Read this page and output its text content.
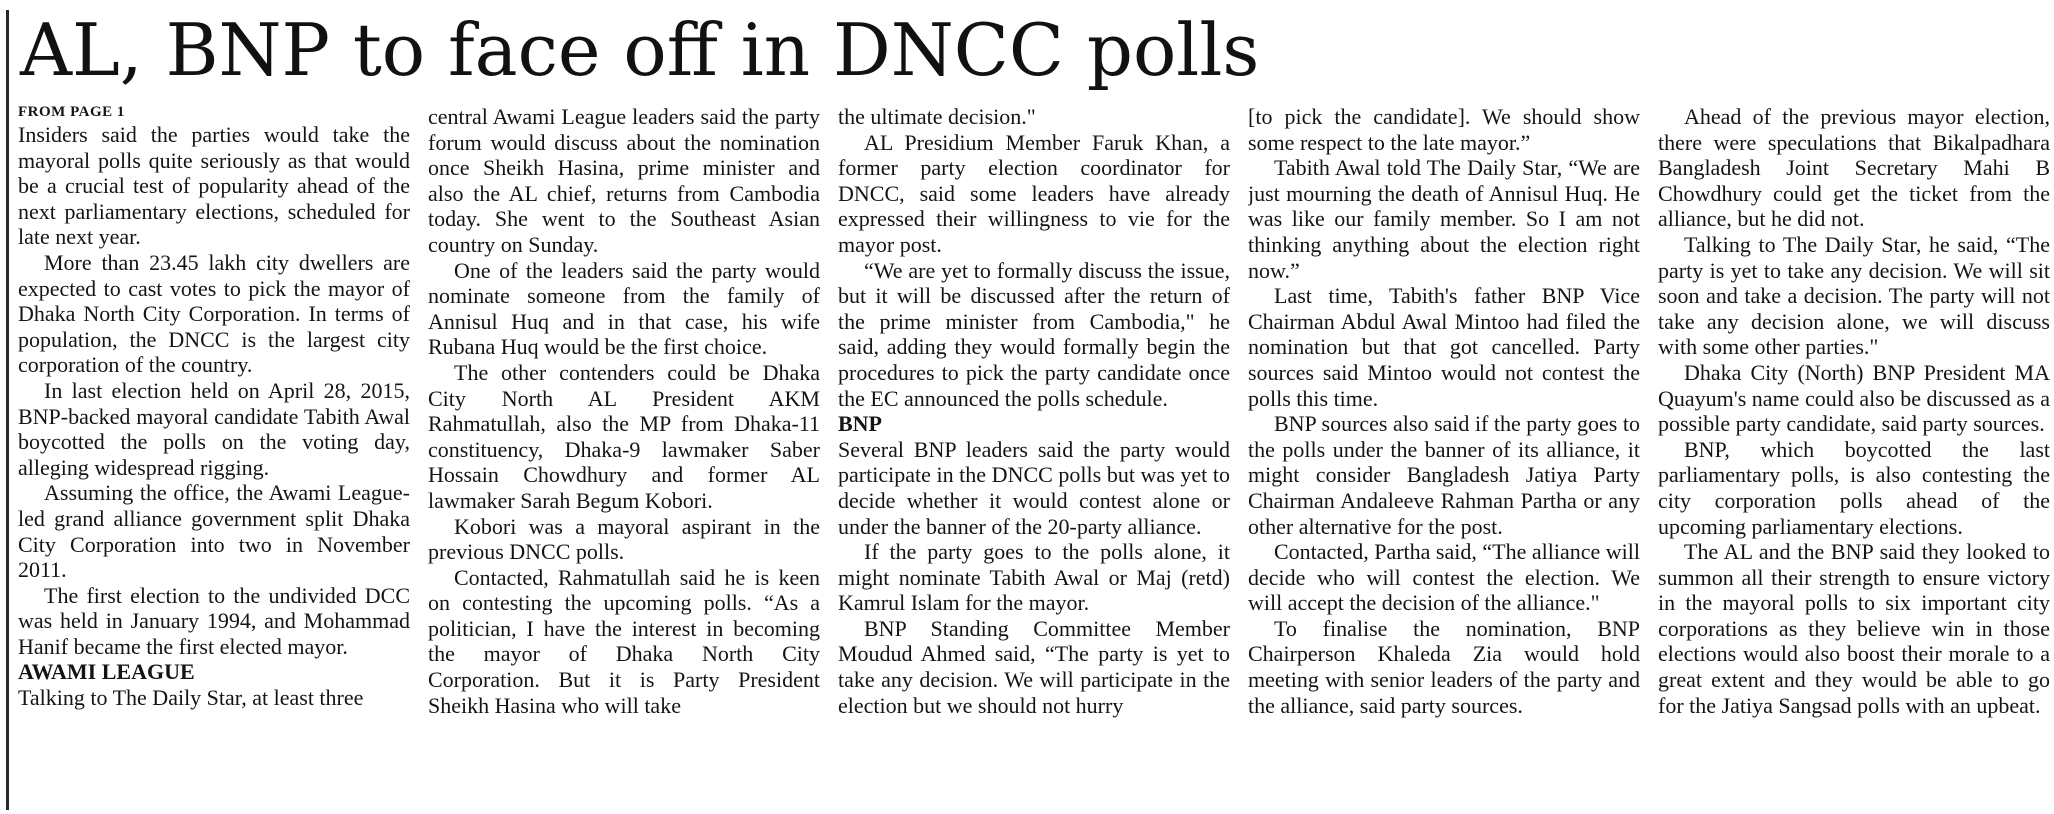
AL, BNP to face off in DNCC polls

FROM PAGE 1

Insiders said the parties would take the mayoral polls quite seriously as that would be a crucial test of popularity ahead of the next parliamentary elections, scheduled for late next year.

More than 23.45 lakh city dwellers are expected to cast votes to pick the mayor of Dhaka North City Corporation. In terms of population, the DNCC is the largest city corporation of the country.

In last election held on April 28, 2015, BNP-backed mayoral candidate Tabith Awal boycotted the polls on the voting day, alleging widespread rigging.

Assuming the office, the Awami League-led grand alliance government split Dhaka City Corporation into two in November 2011.

The first election to the undivided DCC was held in January 1994, and Mohammad Hanif became the first elected mayor.

AWAMI LEAGUE

Talking to The Daily Star, at least three

central Awami League leaders said the party forum would discuss about the nomination once Sheikh Hasina, prime minister and also the AL chief, returns from Cambodia today. She went to the Southeast Asian country on Sunday.

One of the leaders said the party would nominate someone from the family of Annisul Huq and in that case, his wife Rubana Huq would be the first choice.

The other contenders could be Dhaka City North AL President AKM Rahmatullah, also the MP from Dhaka-11 constituency, Dhaka-9 lawmaker Saber Hossain Chowdhury and former AL lawmaker Sarah Begum Kobori.

Kobori was a mayoral aspirant in the previous DNCC polls.

Contacted, Rahmatullah said he is keen on contesting the upcoming polls. “As a politician, I have the interest in becoming the mayor of Dhaka North City Corporation. But it is Party President Sheikh Hasina who will take

the ultimate decision."

AL Presidium Member Faruk Khan, a former party election coordinator for DNCC, said some leaders have already expressed their willingness to vie for the mayor post.

“We are yet to formally discuss the issue, but it will be discussed after the return of the prime minister from Cambodia," he said, adding they would formally begin the procedures to pick the party candidate once the EC announced the polls schedule.

BNP

Several BNP leaders said the party would participate in the DNCC polls but was yet to decide whether it would contest alone or under the banner of the 20-party alliance.

If the party goes to the polls alone, it might nominate Tabith Awal or Maj (retd) Kamrul Islam for the mayor.

BNP Standing Committee Member Moudud Ahmed said, “The party is yet to take any decision. We will participate in the election but we should not hurry

[to pick the candidate]. We should show some respect to the late mayor.”

Tabith Awal told The Daily Star, “We are just mourning the death of Annisul Huq. He was like our family member. So I am not thinking anything about the election right now.”

Last time, Tabith's father BNP Vice Chairman Abdul Awal Mintoo had filed the nomination but that got cancelled. Party sources said Mintoo would not contest the polls this time.

BNP sources also said if the party goes to the polls under the banner of its alliance, it might consider Bangladesh Jatiya Party Chairman Andaleeve Rahman Partha or any other alternative for the post.

Contacted, Partha said, “The alliance will decide who will contest the election. We will accept the decision of the alliance."

To finalise the nomination, BNP Chairperson Khaleda Zia would hold meeting with senior leaders of the party and the alliance, said party sources.

Ahead of the previous mayor election, there were speculations that Bikalpadhara Bangladesh Joint Secretary Mahi B Chowdhury could get the ticket from the alliance, but he did not.

Talking to The Daily Star, he said, “The party is yet to take any decision. We will sit soon and take a decision. The party will not take any decision alone, we will discuss with some other parties."

Dhaka City (North) BNP President MA Quayum's name could also be discussed as a possible party candidate, said party sources.

BNP, which boycotted the last parliamentary polls, is also contesting the city corporation polls ahead of the upcoming parliamentary elections.

The AL and the BNP said they looked to summon all their strength to ensure victory in the mayoral polls to six important city corporations as they believe win in those elections would also boost their morale to a great extent and they would be able to go for the Jatiya Sangsad polls with an upbeat.
